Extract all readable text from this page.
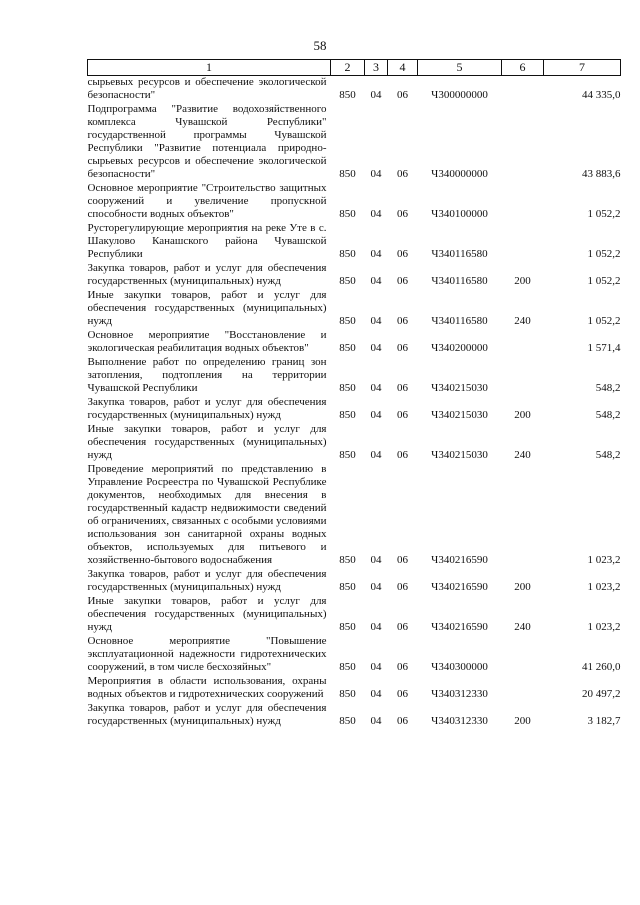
58
1	2	3	4	5	6	7
сырьевых ресурсов и обеспечение экологической безопасности"	850	04	06	Ч300000000		44 335,0
Подпрограмма "Развитие водохозяйственного комплекса Чувашской Республики" государственной программы Чувашской Республики "Развитие потенциала природно-сырьевых ресурсов и обеспечение экологической безопасности"	850	04	06	Ч340000000		43 883,6
Основное мероприятие "Строительство защитных сооружений и увеличение пропускной способности водных объектов"	850	04	06	Ч340100000		1 052,2
Русторегулирующие мероприятия на реке Уте в с. Шакулово Канашского района Чувашской Республики	850	04	06	Ч340116580		1 052,2
Закупка товаров, работ и услуг для обеспечения государственных (муниципальных) нужд	850	04	06	Ч340116580	200	1 052,2
Иные закупки товаров, работ и услуг для обеспечения государственных (муниципальных) нужд	850	04	06	Ч340116580	240	1 052,2
Основное мероприятие "Восстановление и экологическая реабилитация водных объектов"	850	04	06	Ч340200000		1 571,4
Выполнение работ по определению границ зон затопления, подтопления на территории Чувашской Республики	850	04	06	Ч340215030		548,2
Закупка товаров, работ и услуг для обеспечения государственных (муниципальных) нужд	850	04	06	Ч340215030	200	548,2
Иные закупки товаров, работ и услуг для обеспечения государственных (муниципальных) нужд	850	04	06	Ч340215030	240	548,2
Проведение мероприятий по представлению в Управление Росреестра по Чувашской Республике документов, необходимых для внесения в государственный кадастр недвижимости сведений об ограничениях, связанных с особыми условиями использования зон санитарной охраны водных объектов, используемых для питьевого и хозяйственно-бытового водоснабжения	850	04	06	Ч340216590		1 023,2
Закупка товаров, работ и услуг для обеспечения государственных (муниципальных) нужд	850	04	06	Ч340216590	200	1 023,2
Иные закупки товаров, работ и услуг для обеспечения государственных (муниципальных) нужд	850	04	06	Ч340216590	240	1 023,2
Основное мероприятие "Повышение эксплуатационной надежности гидротехнических сооружений, в том числе бесхозяйных"	850	04	06	Ч340300000		41 260,0
Мероприятия в области использования, охраны водных объектов и гидротехнических сооружений	850	04	06	Ч340312330		20 497,2
Закупка товаров, работ и услуг для обеспечения государственных (муниципальных) нужд	850	04	06	Ч340312330	200	3 182,7
